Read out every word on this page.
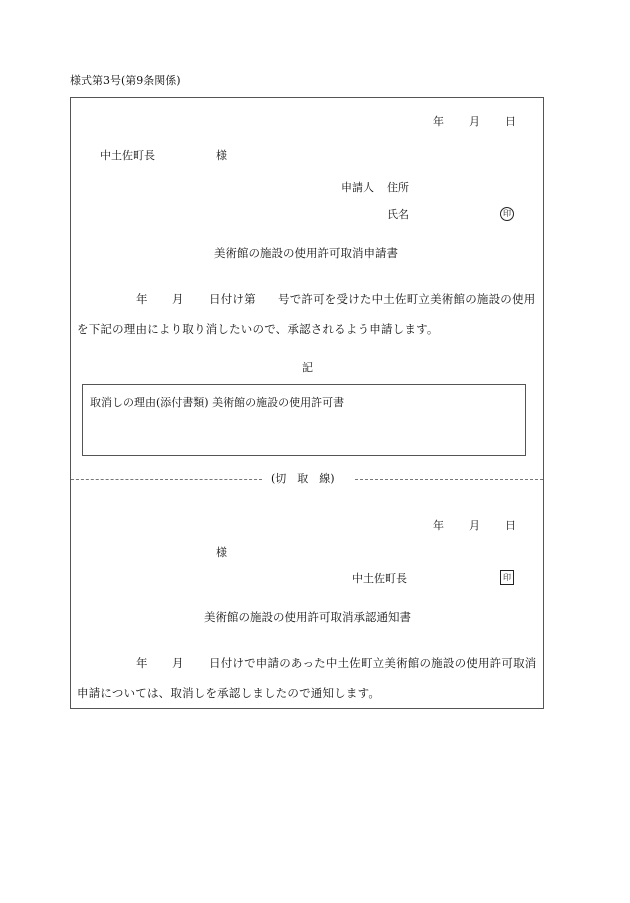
様式第3号(第9条関係)
年 月 日
中土佐町長	様
申請人 住所
氏名	印
美術館の施設の使用許可取消申請書
年 月 日付け第 号で許可を受けた中土佐町立美術館の施設の使用
を下記の理由により取り消したいので、承認されるよう申請します。
記
取消しの理由(添付書類) 美術館の施設の使用許可書
(切　取　線)
年 月 日
様
中土佐町長	印
美術館の施設の使用許可取消承認通知書
年 月 日付けで申請のあった中土佐町立美術館の施設の使用許可取消
申請については、取消しを承認しましたので通知します。
